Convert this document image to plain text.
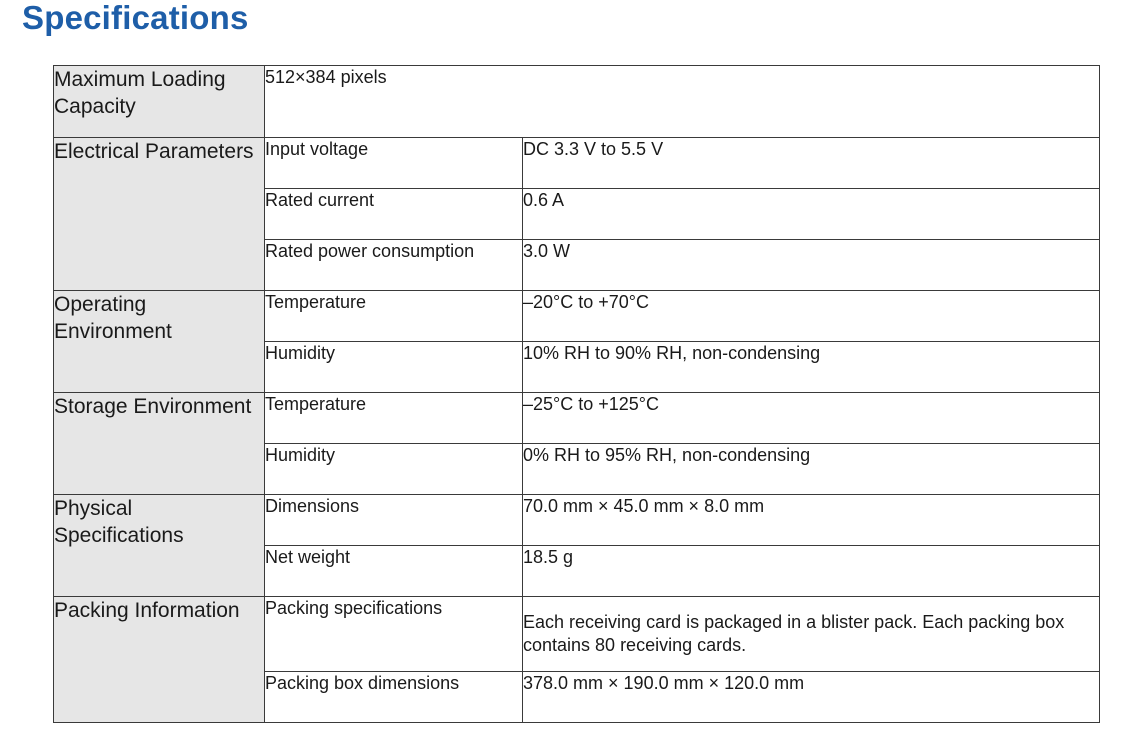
Specifications
Maximum Loading Capacity	512×384 pixels	
Electrical Parameters	Input voltage	DC 3.3 V to 5.5 V
	Rated current	0.6 A
	Rated power consumption	3.0 W
Operating Environment	Temperature	–20°C to +70°C
	Humidity	10% RH to 90% RH, non-condensing
Storage Environment	Temperature	–25°C to +125°C
	Humidity	0% RH to 95% RH, non-condensing
Physical Specifications	Dimensions	70.0 mm × 45.0 mm × 8.0 mm
	Net weight	18.5 g
Packing Information	Packing specifications	Each receiving card is packaged in a blister pack. Each packing box contains 80 receiving cards.
	Packing box dimensions	378.0 mm × 190.0 mm × 120.0 mm
